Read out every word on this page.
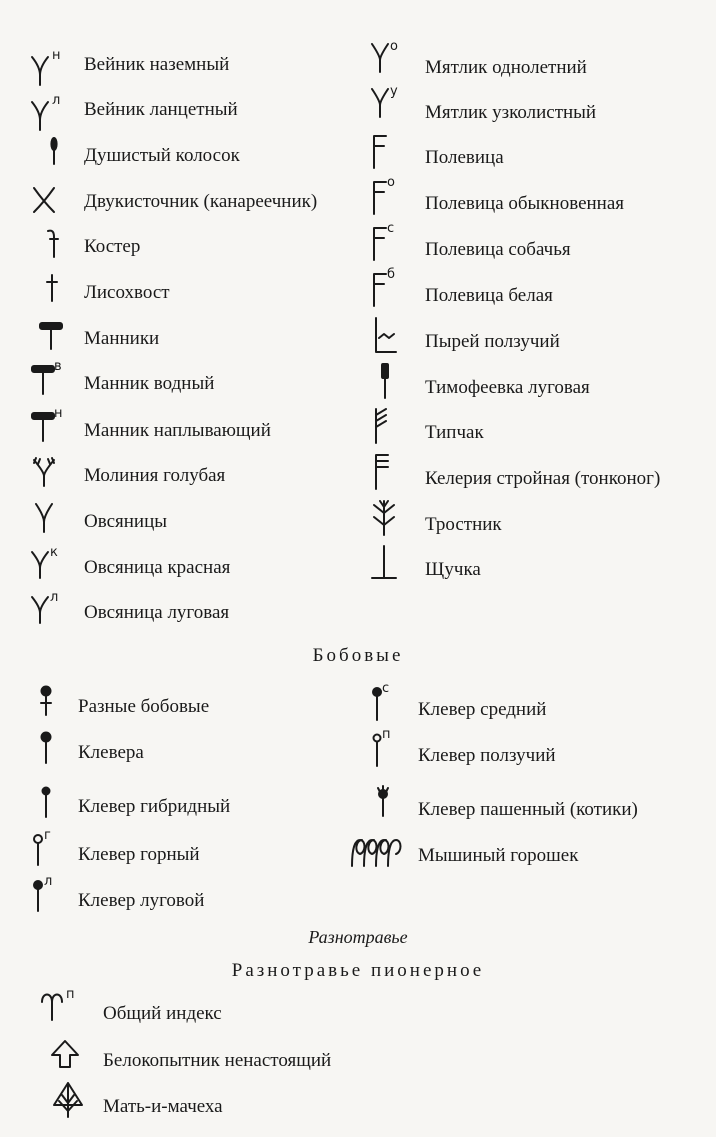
н Вейник наземный
л Вейник ланцетный
Душистый колосок
Двукисточник (канареечник)
Костер
Лисохвост
Манники
в
Манник водный
н
Манник наплывающий
Молиния голубая
Овсяницы
к
Овсяница красная
л
Овсяница луговая
о
Мятлик однолетний
у
Мятлик узколистный
Полевица
о
Полевица обыкновенная
с
Полевица собачья
б
Полевица белая
Пырей ползучий
Тимофеевка луговая
Типчак
Келерия стройная (тонконог)
Тростник
Щучка
Бобовые
Разные бобовые
Клевера
Клевер гибридный
г
Клевер горный
л
Клевер луговой
с
Клевер средний
п
Клевер ползучий
Клевер пашенный (котики)
Мышиный горошек
Разнотравье
Разнотравье пионерное
п
Общий индекс
Белокопытник ненастоящий
Мать-и-мачеха
